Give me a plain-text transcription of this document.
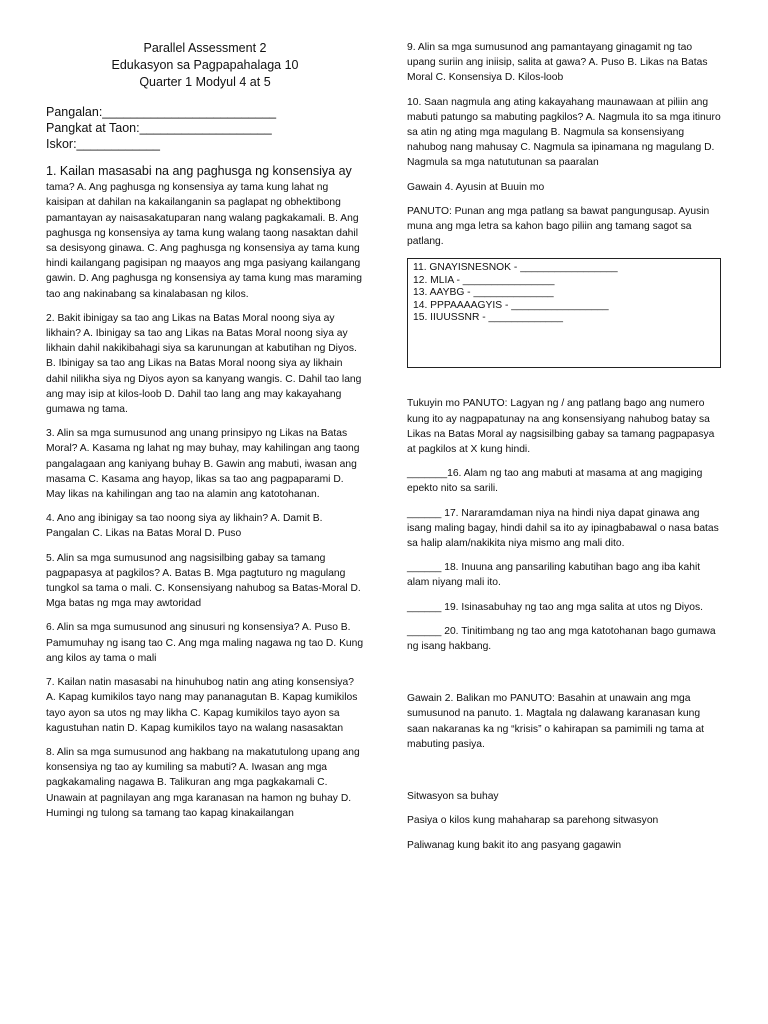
Parallel Assessment 2
Edukasyon sa Pagpapahalaga 10
Quarter 1 Modyul 4 at 5
Pangalan:_________________________
Pangkat at Taon:___________________
Iskor:____________

1. Kailan masasabi na ang paghusga ng konsensiya ay
tama? A. Ang paghusga ng konsensiya ay tama kung lahat ng kaisipan at dahilan na kakailanganin sa paglapat ng obhektibong pamantayan ay naisasakatuparan nang walang pagkakamali. B. Ang paghusga ng konsensiya ay tama kung walang taong nasaktan dahil sa desisyong ginawa. C. Ang paghusga ng konsensiya ay tama kung hindi kailangang pagisipan ng maayos ang mga pasiyang kailangang gawin. D. Ang paghusga ng konsensiya ay tama kung mas maraming tao ang nakinabang sa kinalabasan ng kilos.

2. Bakit ibinigay sa tao ang Likas na Batas Moral noong siya ay likhain? A. Ibinigay sa tao ang Likas na Batas Moral noong siya ay likhain dahil nakikibahagi siya sa karunungan at kabutihan ng Diyos. B. Ibinigay sa tao ang Likas na Batas Moral noong siya ay likhain dahil nilikha siya ng Diyos ayon sa kanyang wangis. C. Dahil tao lang ang may isip at kilos-loob D. Dahil tao lang ang may kakayahang gumawa ng tama.

3. Alin sa mga sumusunod ang unang prinsipyo ng Likas na Batas Moral? A. Kasama ng lahat ng may buhay, may kahilingan ang taong pangalagaan ang kaniyang buhay B. Gawin ang mabuti, iwasan ang masama C. Kasama ang hayop, likas sa tao ang pagpaparami D. May likas na kahilingan ang tao na alamin ang katotohanan.

4. Ano ang ibinigay sa tao noong siya ay likhain? A. Damit B. Pangalan C. Likas na Batas Moral D. Puso

5. Alin sa mga sumusunod ang nagsisilbing gabay sa tamang pagpapasya at pagkilos? A. Batas B. Mga pagtuturo ng magulang tungkol sa tama o mali. C. Konsensiyang nahubog sa Batas-Moral D. Mga batas ng mga may awtoridad

6. Alin sa mga sumusunod ang sinusuri ng konsensiya? A. Puso B. Pamumuhay ng isang tao C. Ang mga maling nagawa ng tao D. Kung ang kilos ay tama o mali

7. Kailan natin masasabi na hinuhubog natin ang ating konsensiya? A. Kapag kumikilos tayo nang may pananagutan B. Kapag kumikilos tayo ayon sa utos ng may likha C. Kapag kumikilos tayo ayon sa kagustuhan natin D. Kapag kumikilos tayo na walang nasasaktan

8. Alin sa mga sumusunod ang hakbang na makatutulong upang ang konsensiya ng tao ay kumiling sa mabuti? A. Iwasan ang mga pagkakamaling nagawa B. Talikuran ang mga pagkakamali C. Unawain at pagnilayan ang mga karanasan na hamon ng buhay D. Humingi ng tulong sa tamang tao kapag kinakailangan

9. Alin sa mga sumusunod ang pamantayang ginagamit ng tao upang suriin ang iniisip, salita at gawa? A. Puso B. Likas na Batas Moral C. Konsensiya D. Kilos-loob

10. Saan nagmula ang ating kakayahang maunawaan at piliin ang mabuti patungo sa mabuting pagkilos? A. Nagmula ito sa mga itinuro sa atin ng ating mga magulang B. Nagmula sa konsensiyang nahubog nang mahusay C. Nagmula sa ipinamana ng magulang D. Nagmula sa mga natututunan sa paaralan

Gawain 4. Ayusin at Buuin mo

PANUTO: Punan ang mga patlang sa bawat pangungusap. Ayusin muna ang mga letra sa kahon bago piliin ang tamang sagot sa patlang.

11. GNAYISNESNOK - _________________
12. MLIA - ________________
13. AAYBG - ______________
14. PPPAAAAGYIS - _________________
15. IIUUSSNR - _____________

Tukuyin mo PANUTO: Lagyan ng / ang patlang bago ang numero kung ito ay nagpapatunay na ang konsensiyang nahubog batay sa Likas na Batas Moral ay nagsisilbing gabay sa tamang pagpapasya at pagkilos at X kung hindi.

_______16. Alam ng tao ang mabuti at masama at ang magiging epekto nito sa sarili.

______ 17. Nararamdaman niya na hindi niya dapat ginawa ang isang maling bagay, hindi dahil sa ito ay ipinagbabawal o nasa batas sa halip alam/nakikita niya mismo ang mali dito.

______ 18. Inuuna ang pansariling kabutihan bago ang iba kahit alam niyang mali ito.

______ 19. Isinasabuhay ng tao ang mga salita at utos ng Diyos.

______ 20. Tinitimbang ng tao ang mga katotohanan bago gumawa ng isang hakbang.

Gawain 2. Balikan mo PANUTO: Basahin at unawain ang mga sumusunod na panuto. 1. Magtala ng dalawang karanasan kung saan nakaranas ka ng “krisis” o kahirapan sa pamimili ng tama at mabuting pasiya.

Sitwasyon sa buhay

Pasiya o kilos kung mahaharap sa parehong sitwasyon

Paliwanag kung bakit ito ang pasyang gagawin
